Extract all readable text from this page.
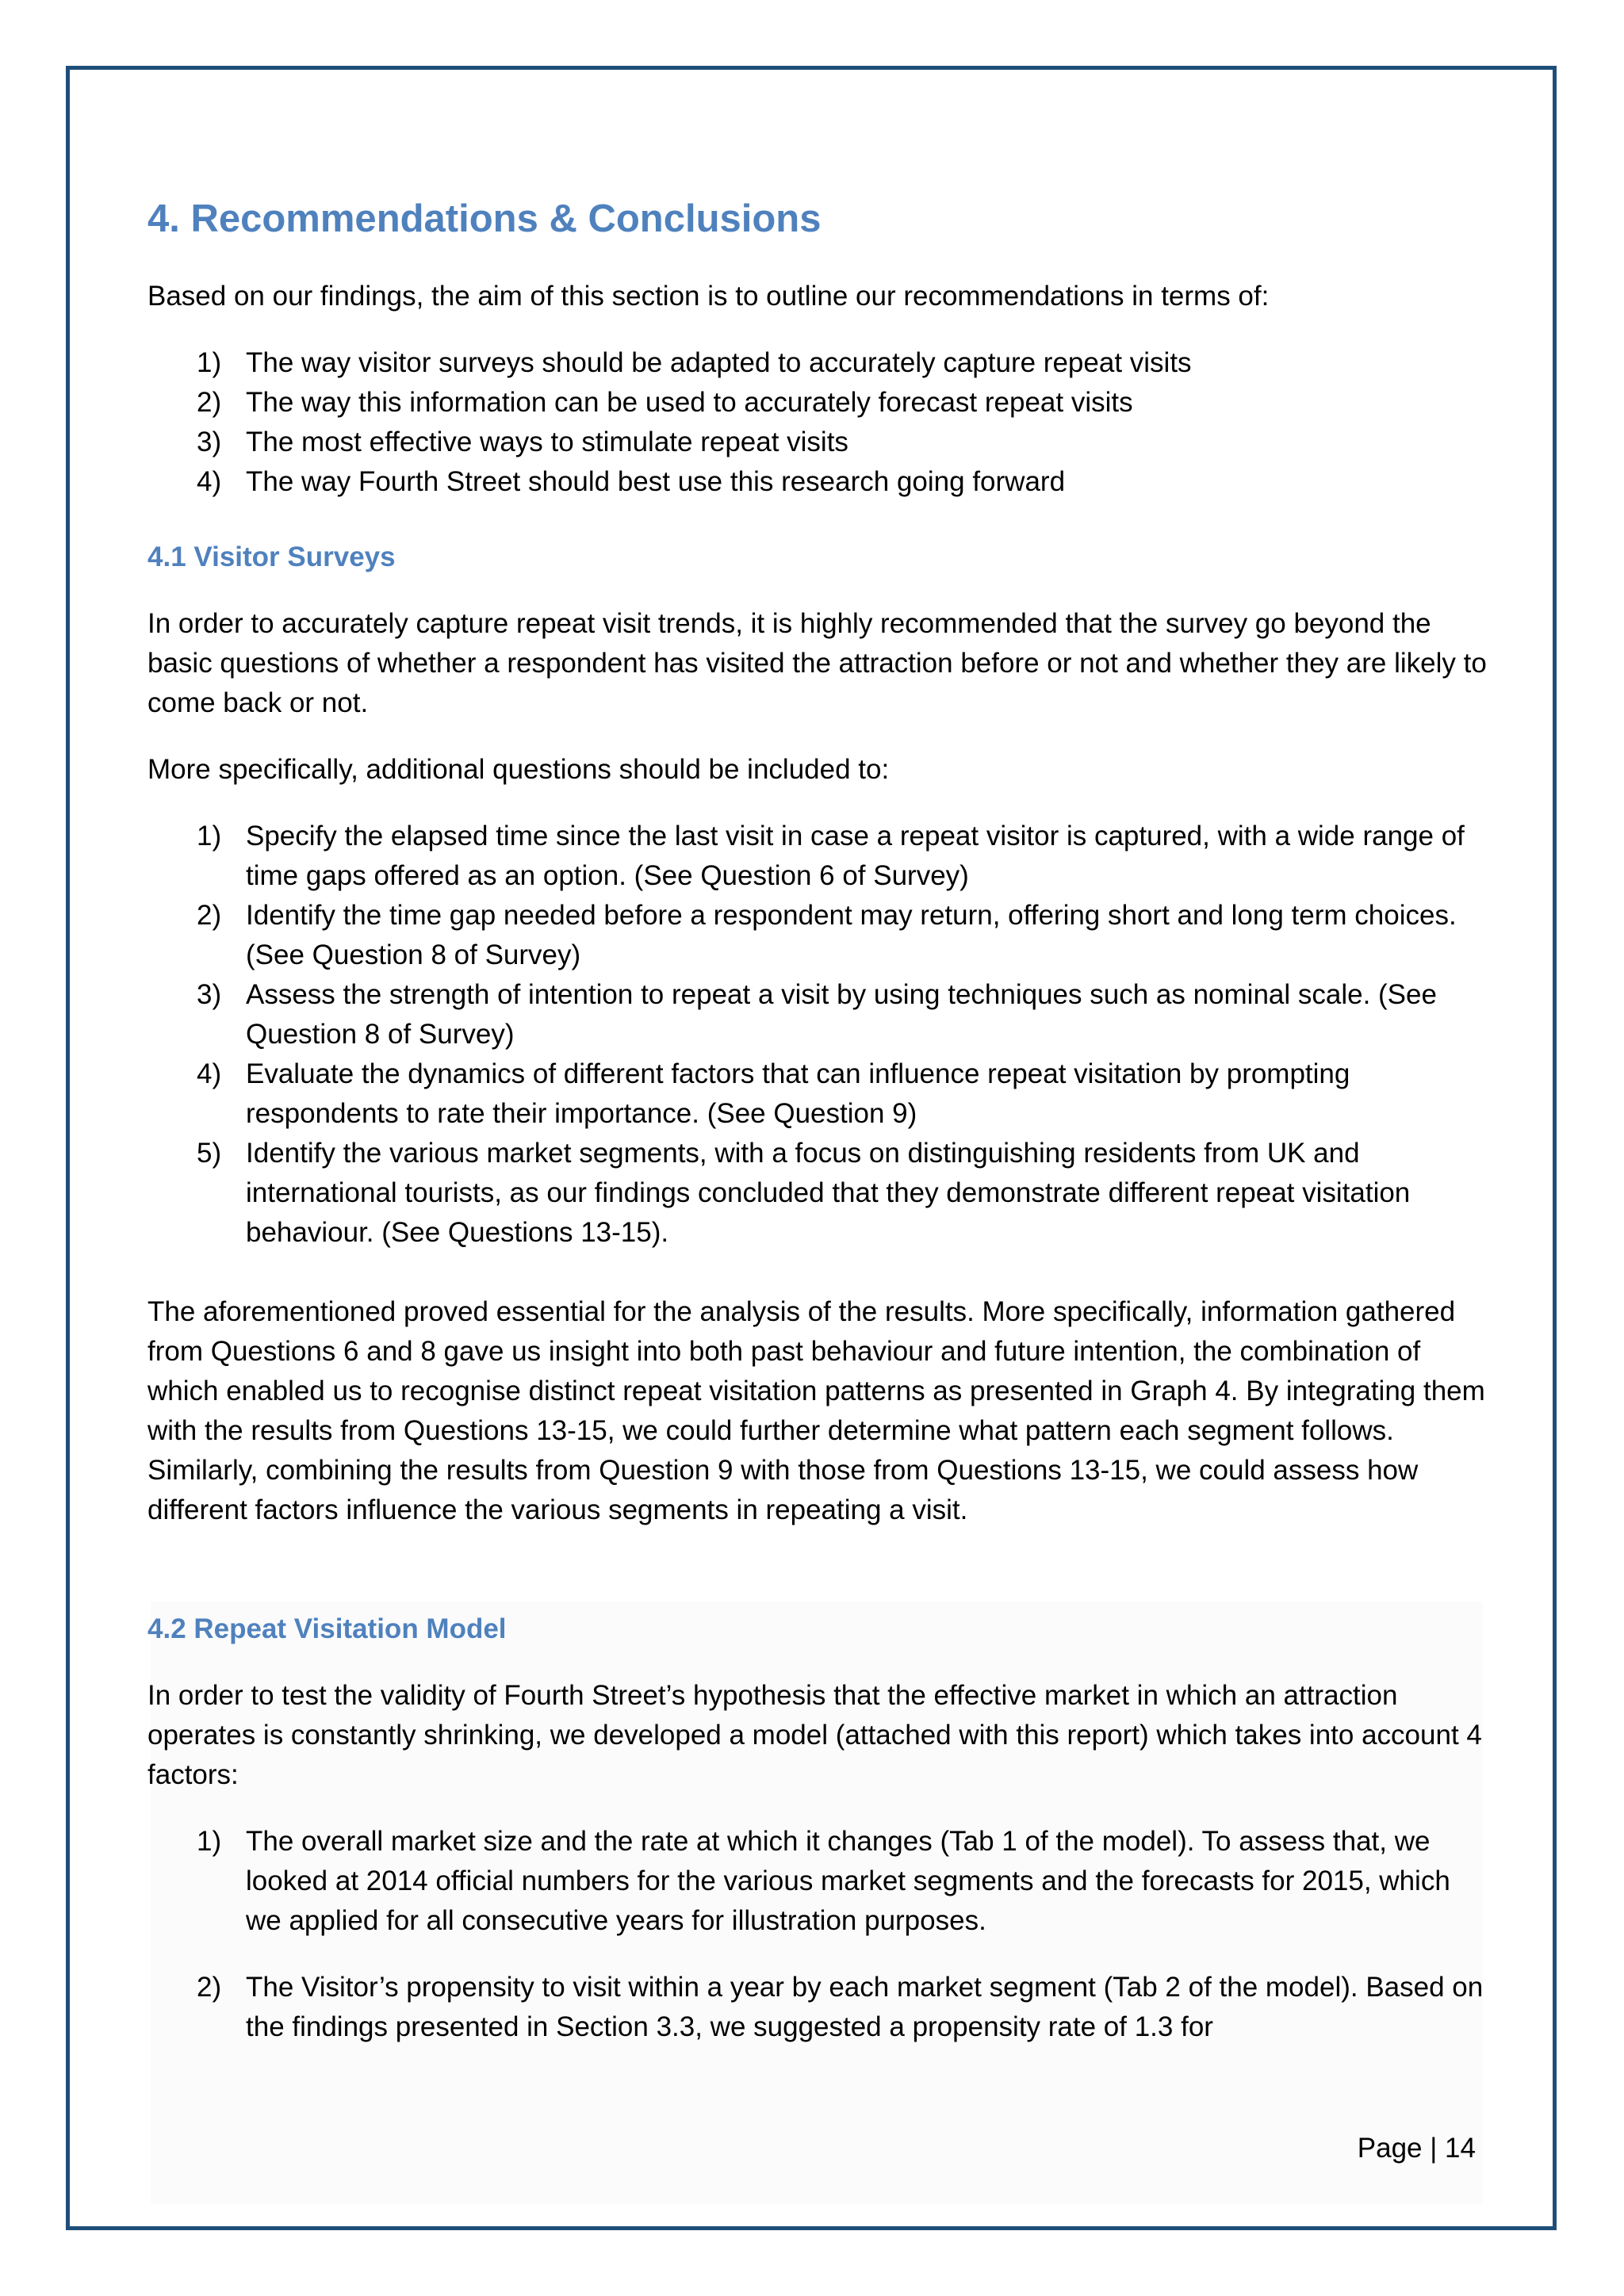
4. Recommendations & Conclusions

Based on our findings, the aim of this section is to outline our recommendations in terms of:

1) The way visitor surveys should be adapted to accurately capture repeat visits
2) The way this information can be used to accurately forecast repeat visits
3) The most effective ways to stimulate repeat visits
4) The way Fourth Street should best use this research going forward
4.1 Visitor Surveys

In order to accurately capture repeat visit trends, it is highly recommended that the survey go beyond the basic questions of whether a respondent has visited the attraction before or not and whether they are likely to come back or not.

More specifically, additional questions should be included to:

1) Specify the elapsed time since the last visit in case a repeat visitor is captured, with a wide range of time gaps offered as an option. (See Question 6 of Survey)
2) Identify the time gap needed before a respondent may return, offering short and long term choices. (See Question 8 of Survey)
3) Assess the strength of intention to repeat a visit by using techniques such as nominal scale. (See Question 8 of Survey)
4) Evaluate the dynamics of different factors that can influence repeat visitation by prompting respondents to rate their importance. (See Question 9)
5) Identify the various market segments, with a focus on distinguishing residents from UK and international tourists, as our findings concluded that they demonstrate different repeat visitation behaviour. (See Questions 13-15).

The aforementioned proved essential for the analysis of the results. More specifically, information gathered from Questions 6 and 8 gave us insight into both past behaviour and future intention, the combination of which enabled us to recognise distinct repeat visitation patterns as presented in Graph 4. By integrating them with the results from Questions 13-15, we could further determine what pattern each segment follows. Similarly, combining the results from Question 9 with those from Questions 13-15, we could assess how different factors influence the various segments in repeating a visit.

4.2 Repeat Visitation Model

In order to test the validity of Fourth Street’s hypothesis that the effective market in which an attraction operates is constantly shrinking, we developed a model (attached with this report) which takes into account 4 factors:

1) The overall market size and the rate at which it changes (Tab 1 of the model). To assess that, we looked at 2014 official numbers for the various market segments and the forecasts for 2015, which we applied for all consecutive years for illustration purposes.
2) The Visitor’s propensity to visit within a year by each market segment (Tab 2 of the model). Based on the findings presented in Section 3.3, we suggested a propensity rate of 1.3 for
Page | 14
